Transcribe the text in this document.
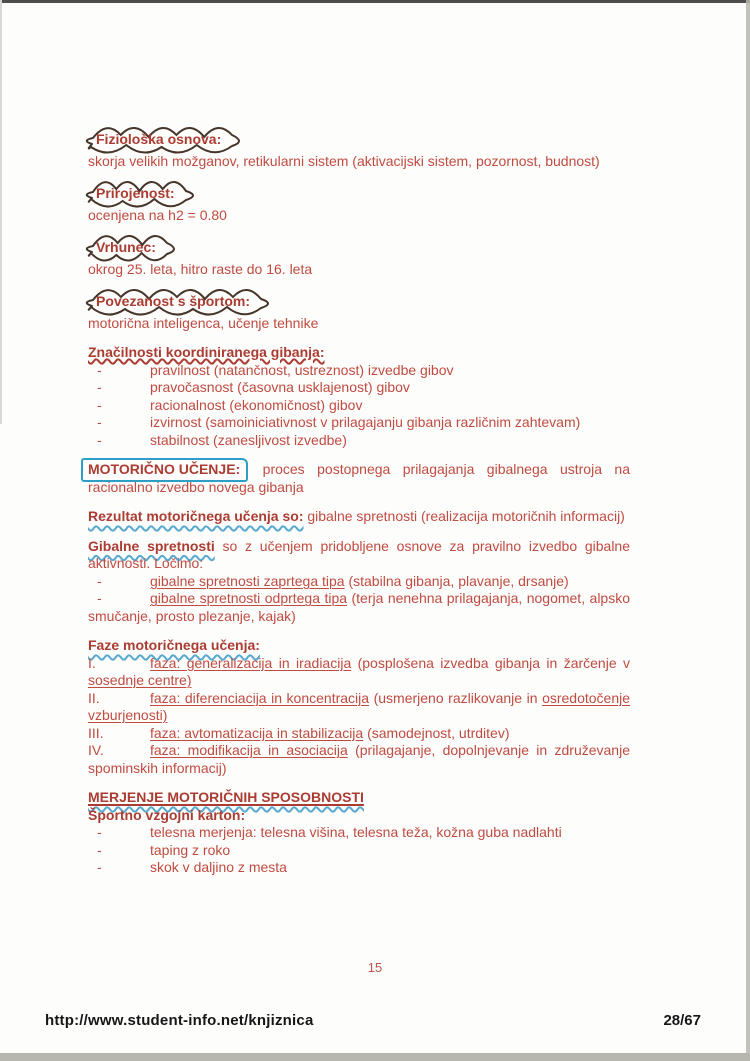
Fiziološka osnova:

skorja velikih možganov, retikularni sistem (aktivacijski sistem, pozornost, budnost)

Prirojenost:

ocenjena na h2 = 0.80

Vrhunec:

okrog 25. leta, hitro raste do 16. leta

Povezanost s športom:

motorična inteligenca, učenje tehnike

Značilnosti koordiniranega gibanja:

-	pravilnost (natančnost, ustreznost) izvedbe gibov

-	pravočasnost (časovna usklajenost) gibov

-	racionalnost (ekonomičnost) gibov

-	izvirnost (samoiniciativnost v prilagajanju gibanja različnim zahtevam)

-	stabilnost (zanesljivost izvedbe)

MOTORIČNO UČENJE: proces postopnega prilagajanja gibalnega ustroja na racionalno izvedbo novega gibanja

Rezultat motoričnega učenja so: gibalne spretnosti (realizacija motoričnih informacij)

Gibalne spretnosti so z učenjem pridobljene osnove za pravilno izvedbo gibalne aktivnosti. Ločimo:

-	gibalne spretnosti zaprtega tipa (stabilna gibanja, plavanje, drsanje)

-	gibalne spretnosti odprtega tipa (terja nenehna prilagajanja, nogomet, alpsko smučanje, prosto plezanje, kajak)

Faze motoričnega učenja:

I.	faza: generalizacija in iradiacija (posplošena izvedba gibanja in žarčenje v sosednje centre)

II.	faza: diferenciacija in koncentracija (usmerjeno razlikovanje in osredotočenje vzburjenosti)

III.	faza: avtomatizacija in stabilizacija (samodejnost, utrditev)

IV.	faza: modifikacija in asociacija (prilagajanje, dopolnjevanje in združevanje spominskih informacij)

MERJENJE MOTORIČNIH SPOSOBNOSTI
Športno vzgojni karton:

-	telesna merjenja: telesna višina, telesna teža, kožna guba nadlahti

-	taping z roko

-	skok v daljino z mesta

15
http://www.student-info.net/knjiznica	28/67
